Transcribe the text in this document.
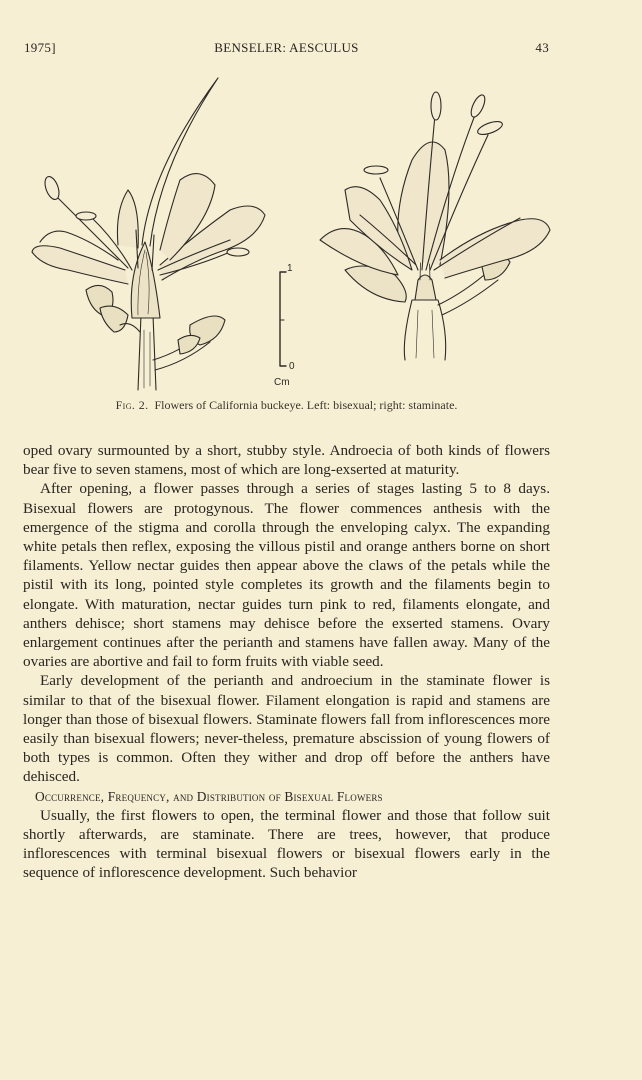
1975]	BENSELER: AESCULUS	43
1
0
Cm
Fig. 2. Flowers of California buckeye. Left: bisexual; right: staminate.

oped ovary surmounted by a short, stubby style. Androecia of both kinds of flowers bear five to seven stamens, most of which are long-exserted at maturity.

After opening, a flower passes through a series of stages lasting 5 to 8 days. Bisexual flowers are protogynous. The flower commences anthesis with the emergence of the stigma and corolla through the enveloping calyx. The expanding white petals then reflex, exposing the villous pistil and orange anthers borne on short filaments. Yellow nectar guides then appear above the claws of the petals while the pistil with its long, pointed style completes its growth and the filaments begin to elongate. With maturation, nectar guides turn pink to red, filaments elongate, and anthers dehisce; short stamens may dehisce before the exserted stamens. Ovary enlargement continues after the perianth and stamens have fallen away. Many of the ovaries are abortive and fail to form fruits with viable seed.

Early development of the perianth and androecium in the staminate flower is similar to that of the bisexual flower. Filament elongation is rapid and stamens are longer than those of bisexual flowers. Staminate flowers fall from inflorescences more easily than bisexual flowers; never-theless, premature abscission of young flowers of both types is common. Often they wither and drop off before the anthers have dehisced.

Occurrence, Frequency, and Distribution of Bisexual Flowers

Usually, the first flowers to open, the terminal flower and those that follow suit shortly afterwards, are staminate. There are trees, however, that produce inflorescences with terminal bisexual flowers or bisexual flowers early in the sequence of inflorescence development. Such behavior
